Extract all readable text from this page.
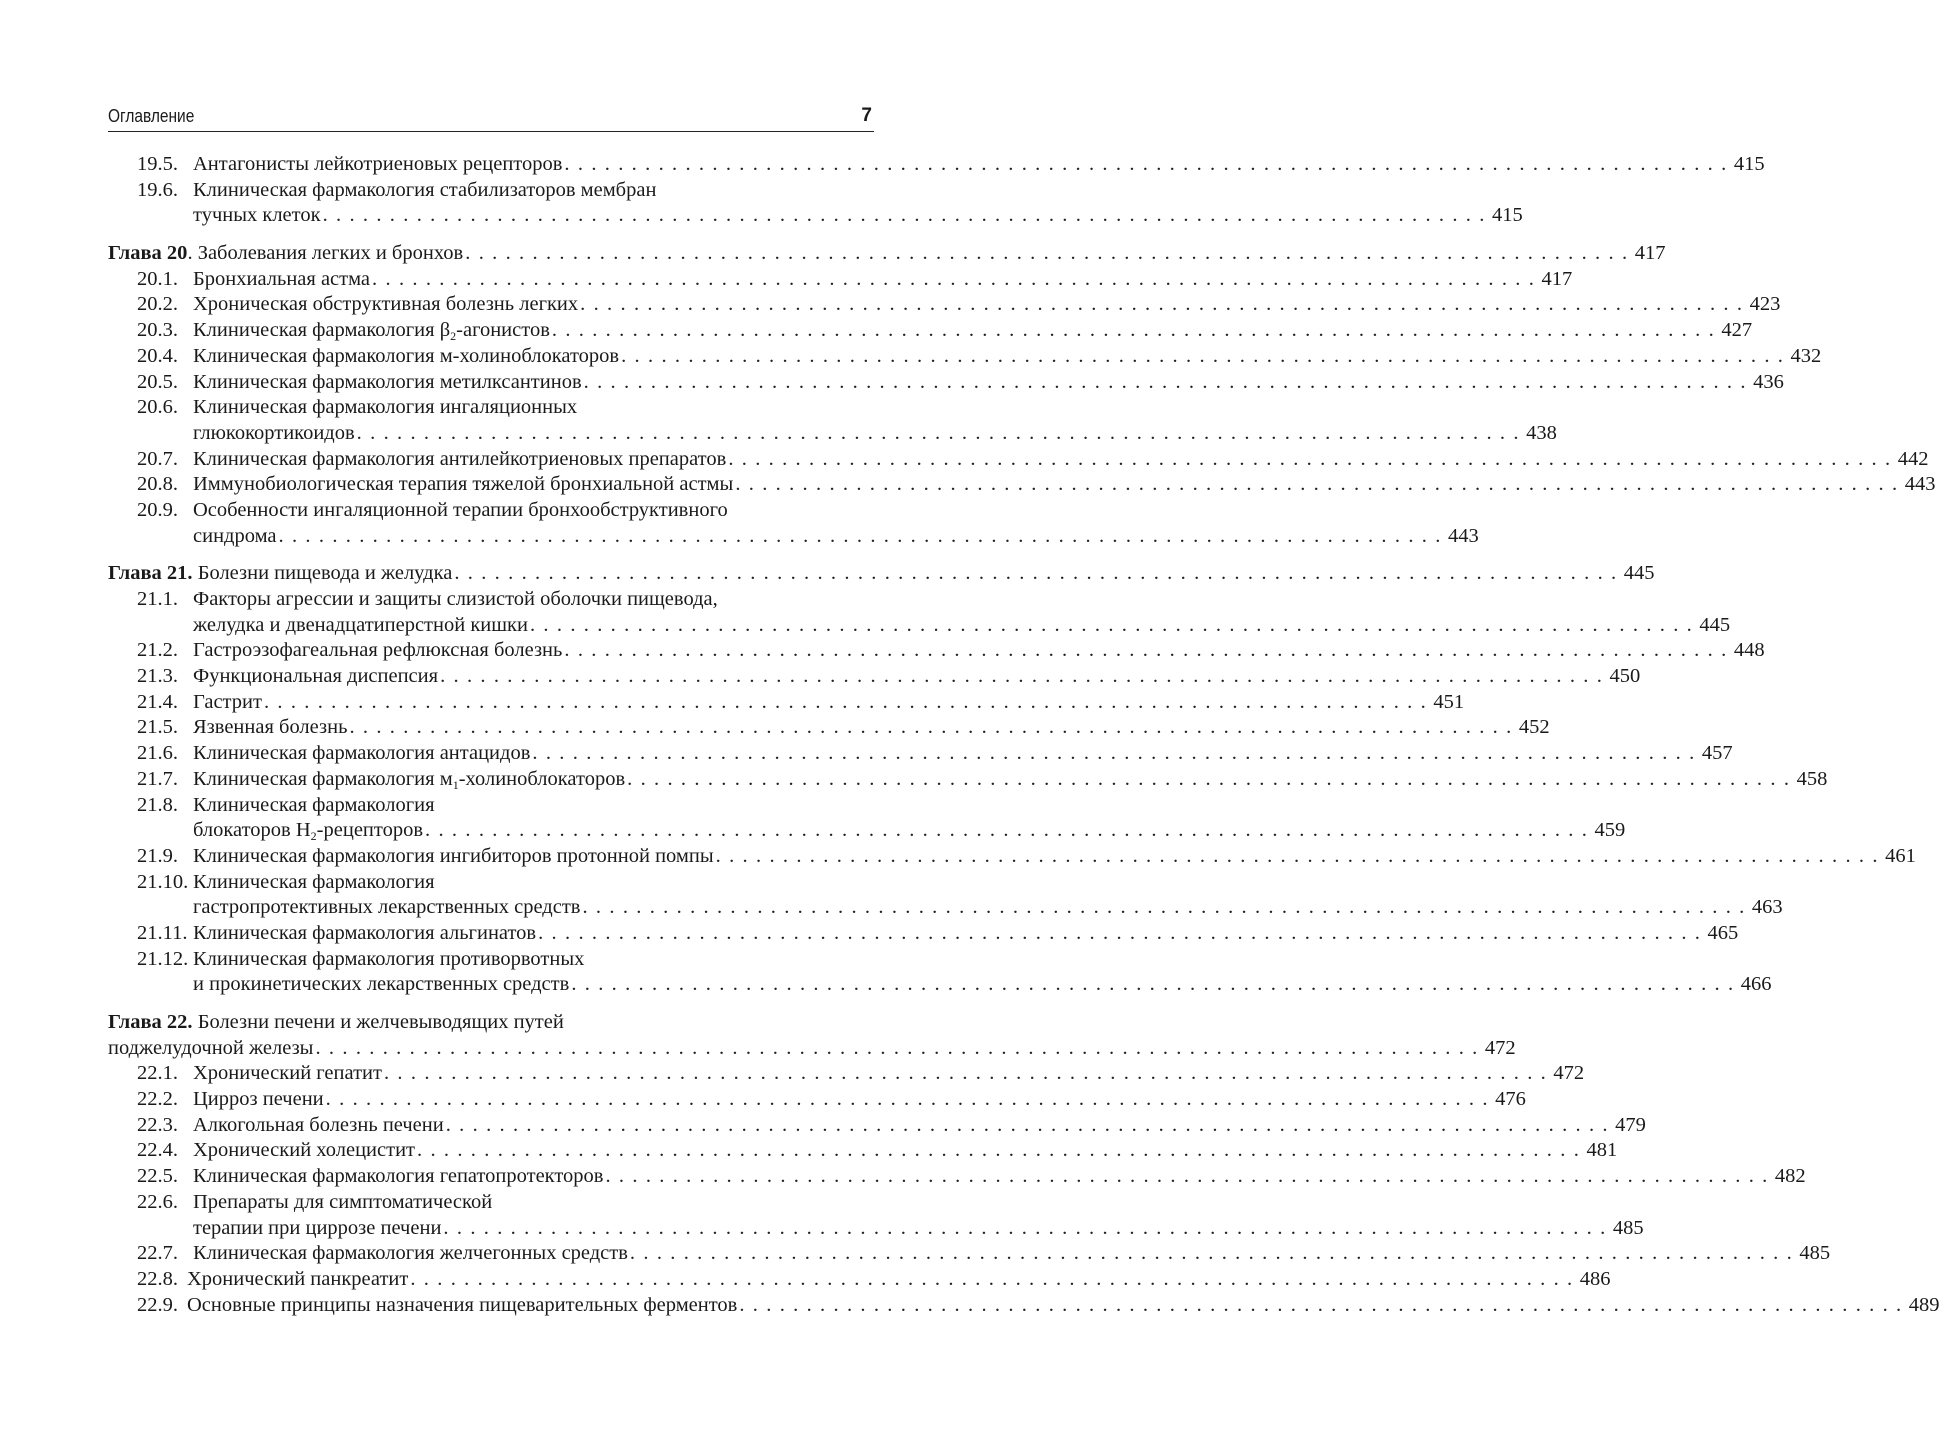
Оглавление	7
19.5. Антагонисты лейкотриеновых рецепторов . . . . . . . . . . . . . . . . . . . . . . . . . . . . . . . . . . . . . . . . . . . . . . . . . . . . . . . . . . . . . . . . . . . . . . . . . . . . . . . . . . . . . . . 415
19.6. Клиническая фармакология стабилизаторов мембран
тучных клеток . . . . . . . . . . . . . . . . . . . . . . . . . . . . . . . . . . . . . . . . . . . . . . . . . . . . . . . . . . . . . . . . . . . . . . . . . . . . . . . . . . . . . . . 415
Глава 20. Заболевания легких и бронхов . . . . . . . . . . . . . . . . . . . . . . . . . . . . . . . . . . . . . . . . . . . . . . . . . . . . . . . . . . . . . . . . . . . . . . . . . . . . . . . . . . . . . . . 417
20.1. Бронхиальная астма . . . . . . . . . . . . . . . . . . . . . . . . . . . . . . . . . . . . . . . . . . . . . . . . . . . . . . . . . . . . . . . . . . . . . . . . . . . . . . . . . . . . . . . 417
20.2. Хроническая обструктивная болезнь легких . . . . . . . . . . . . . . . . . . . . . . . . . . . . . . . . . . . . . . . . . . . . . . . . . . . . . . . . . . . . . . . . . . . . . . . . . . . . . . . . . . . . . . . 423
20.3. Клиническая фармакология $\beta_2$-агонистов . . . . . . . . . . . . . . . . . . . . . . . . . . . . . . . . . . . . . . . . . . . . . . . . . . . . . . . . . . . . . . . . . . . . . . . . . . . . . . . . . . . . . . . 427
20.4. Клиническая фармакология м-холиноблокаторов . . . . . . . . . . . . . . . . . . . . . . . . . . . . . . . . . . . . . . . . . . . . . . . . . . . . . . . . . . . . . . . . . . . . . . . . . . . . . . . . . . . . . . . 432
20.5. Клиническая фармакология метилксантинов . . . . . . . . . . . . . . . . . . . . . . . . . . . . . . . . . . . . . . . . . . . . . . . . . . . . . . . . . . . . . . . . . . . . . . . . . . . . . . . . . . . . . . . 436
20.6. Клиническая фармакология ингаляционных
глюкокортикоидов . . . . . . . . . . . . . . . . . . . . . . . . . . . . . . . . . . . . . . . . . . . . . . . . . . . . . . . . . . . . . . . . . . . . . . . . . . . . . . . . . . . . . . . 438
20.7. Клиническая фармакология антилейкотриеновых препаратов . . . . . . . . . . . . . . . . . . . . . . . . . . . . . . . . . . . . . . . . . . . . . . . . . . . . . . . . . . . . . . . . . . . . . . . . . . . . . . . . . . . . . . . 442
20.8. Иммунобиологическая терапия тяжелой бронхиальной астмы . . . . . . . . . . . . . . . . . . . . . . . . . . . . . . . . . . . . . . . . . . . . . . . . . . . . . . . . . . . . . . . . . . . . . . . . . . . . . . . . . . . . . . . 443
20.9. Особенности ингаляционной терапии бронхообструктивного
синдрома . . . . . . . . . . . . . . . . . . . . . . . . . . . . . . . . . . . . . . . . . . . . . . . . . . . . . . . . . . . . . . . . . . . . . . . . . . . . . . . . . . . . . . . 443
Глава 21. Болезни пищевода и желудка . . . . . . . . . . . . . . . . . . . . . . . . . . . . . . . . . . . . . . . . . . . . . . . . . . . . . . . . . . . . . . . . . . . . . . . . . . . . . . . . . . . . . . . 445
21.1. Факторы агрессии и защиты слизистой оболочки пищевода,
желудка и двенадцатиперстной кишки . . . . . . . . . . . . . . . . . . . . . . . . . . . . . . . . . . . . . . . . . . . . . . . . . . . . . . . . . . . . . . . . . . . . . . . . . . . . . . . . . . . . . . . 445
21.2. Гастроэзофагеальная рефлюксная болезнь . . . . . . . . . . . . . . . . . . . . . . . . . . . . . . . . . . . . . . . . . . . . . . . . . . . . . . . . . . . . . . . . . . . . . . . . . . . . . . . . . . . . . . . 448
21.3. Функциональная диспепсия . . . . . . . . . . . . . . . . . . . . . . . . . . . . . . . . . . . . . . . . . . . . . . . . . . . . . . . . . . . . . . . . . . . . . . . . . . . . . . . . . . . . . . . 450
21.4. Гастрит . . . . . . . . . . . . . . . . . . . . . . . . . . . . . . . . . . . . . . . . . . . . . . . . . . . . . . . . . . . . . . . . . . . . . . . . . . . . . . . . . . . . . . . 451
21.5. Язвенная болезнь . . . . . . . . . . . . . . . . . . . . . . . . . . . . . . . . . . . . . . . . . . . . . . . . . . . . . . . . . . . . . . . . . . . . . . . . . . . . . . . . . . . . . . . 452
21.6. Клиническая фармакология антацидов . . . . . . . . . . . . . . . . . . . . . . . . . . . . . . . . . . . . . . . . . . . . . . . . . . . . . . . . . . . . . . . . . . . . . . . . . . . . . . . . . . . . . . . 457
21.7. Клиническая фармакология $м_1$-холиноблокаторов . . . . . . . . . . . . . . . . . . . . . . . . . . . . . . . . . . . . . . . . . . . . . . . . . . . . . . . . . . . . . . . . . . . . . . . . . . . . . . . . . . . . . . . 458
21.8. Клиническая фармакология
блокаторов $Н_2$-рецепторов . . . . . . . . . . . . . . . . . . . . . . . . . . . . . . . . . . . . . . . . . . . . . . . . . . . . . . . . . . . . . . . . . . . . . . . . . . . . . . . . . . . . . . . 459
21.9. Клиническая фармакология ингибиторов протонной помпы . . . . . . . . . . . . . . . . . . . . . . . . . . . . . . . . . . . . . . . . . . . . . . . . . . . . . . . . . . . . . . . . . . . . . . . . . . . . . . . . . . . . . . . 461
21.10. Клиническая фармакология
гастропротективных лекарственных средств . . . . . . . . . . . . . . . . . . . . . . . . . . . . . . . . . . . . . . . . . . . . . . . . . . . . . . . . . . . . . . . . . . . . . . . . . . . . . . . . . . . . . . . 463
21.11. Клиническая фармакология альгинатов . . . . . . . . . . . . . . . . . . . . . . . . . . . . . . . . . . . . . . . . . . . . . . . . . . . . . . . . . . . . . . . . . . . . . . . . . . . . . . . . . . . . . . . 465
21.12. Клиническая фармакология противорвотных
и прокинетических лекарственных средств . . . . . . . . . . . . . . . . . . . . . . . . . . . . . . . . . . . . . . . . . . . . . . . . . . . . . . . . . . . . . . . . . . . . . . . . . . . . . . . . . . . . . . . 466
Глава 22. Болезни печени и желчевыводящих путей
поджелудочной железы . . . . . . . . . . . . . . . . . . . . . . . . . . . . . . . . . . . . . . . . . . . . . . . . . . . . . . . . . . . . . . . . . . . . . . . . . . . . . . . . . . . . . . . 472
22.1. Хронический гепатит . . . . . . . . . . . . . . . . . . . . . . . . . . . . . . . . . . . . . . . . . . . . . . . . . . . . . . . . . . . . . . . . . . . . . . . . . . . . . . . . . . . . . . . 472
22.2. Цирроз печени . . . . . . . . . . . . . . . . . . . . . . . . . . . . . . . . . . . . . . . . . . . . . . . . . . . . . . . . . . . . . . . . . . . . . . . . . . . . . . . . . . . . . . . 476
22.3. Алкогольная болезнь печени . . . . . . . . . . . . . . . . . . . . . . . . . . . . . . . . . . . . . . . . . . . . . . . . . . . . . . . . . . . . . . . . . . . . . . . . . . . . . . . . . . . . . . . 479
22.4. Хронический холецистит . . . . . . . . . . . . . . . . . . . . . . . . . . . . . . . . . . . . . . . . . . . . . . . . . . . . . . . . . . . . . . . . . . . . . . . . . . . . . . . . . . . . . . . 481
22.5. Клиническая фармакология гепатопротекторов . . . . . . . . . . . . . . . . . . . . . . . . . . . . . . . . . . . . . . . . . . . . . . . . . . . . . . . . . . . . . . . . . . . . . . . . . . . . . . . . . . . . . . . 482
22.6. Препараты для симптоматической
терапии при циррозе печени . . . . . . . . . . . . . . . . . . . . . . . . . . . . . . . . . . . . . . . . . . . . . . . . . . . . . . . . . . . . . . . . . . . . . . . . . . . . . . . . . . . . . . . 485
22.7. Клиническая фармакология желчегонных средств . . . . . . . . . . . . . . . . . . . . . . . . . . . . . . . . . . . . . . . . . . . . . . . . . . . . . . . . . . . . . . . . . . . . . . . . . . . . . . . . . . . . . . . 485
22.8. Хронический панкреатит . . . . . . . . . . . . . . . . . . . . . . . . . . . . . . . . . . . . . . . . . . . . . . . . . . . . . . . . . . . . . . . . . . . . . . . . . . . . . . . . . . . . . . . 486
22.9. Основные принципы назначения пищеварительных ферментов . . . . . . . . . . . . . . . . . . . . . . . . . . . . . . . . . . . . . . . . . . . . . . . . . . . . . . . . . . . . . . . . . . . . . . . . . . . . . . . . . . . . . . . 489
